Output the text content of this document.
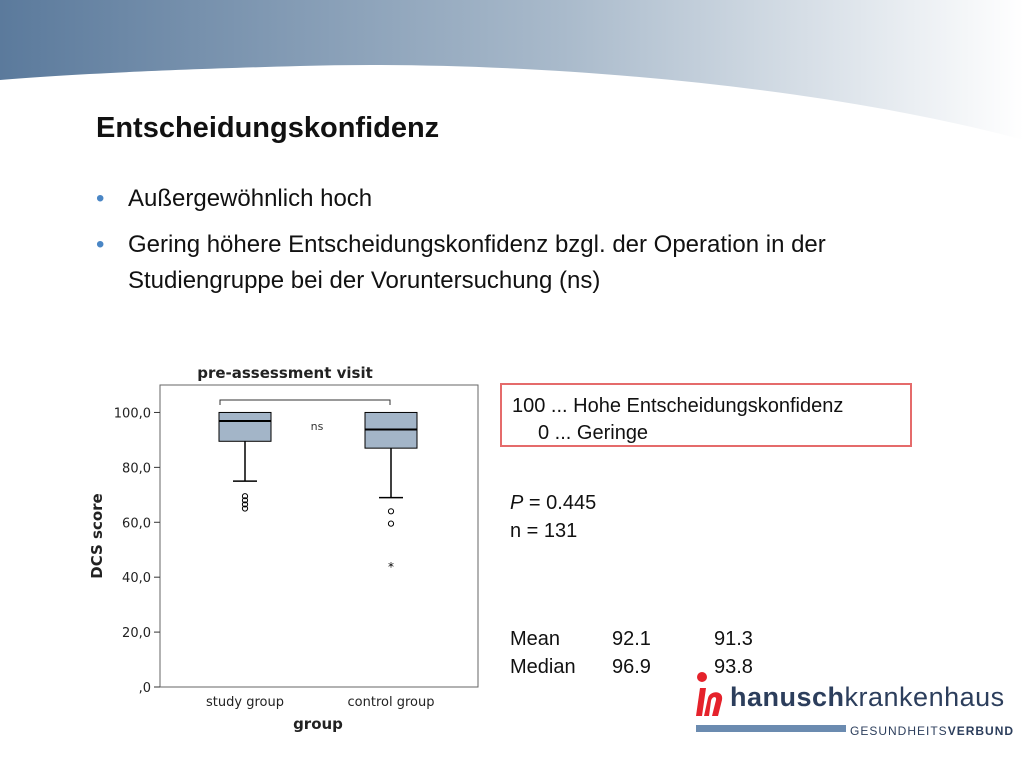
Entscheidungskonfidenz
• Außergewöhnlich hoch
• Gering höhere Entscheidungskonfidenz bzgl. der Operation in der Studiengruppe bei der Voruntersuchung (ns)
pre-assessment visit
,0
20,0
40,0
60,0
80,0
100,0
*
ns
study group	control group
group
DCS score
100 ... Hohe Entscheidungskonfidenz
0 ... Geringe
P = 0.445
n = 131
Mean	92.1	91.3
Median 96.9	93.8
hanuschkrankenhaus
GESUNDHEITSVERBUND
